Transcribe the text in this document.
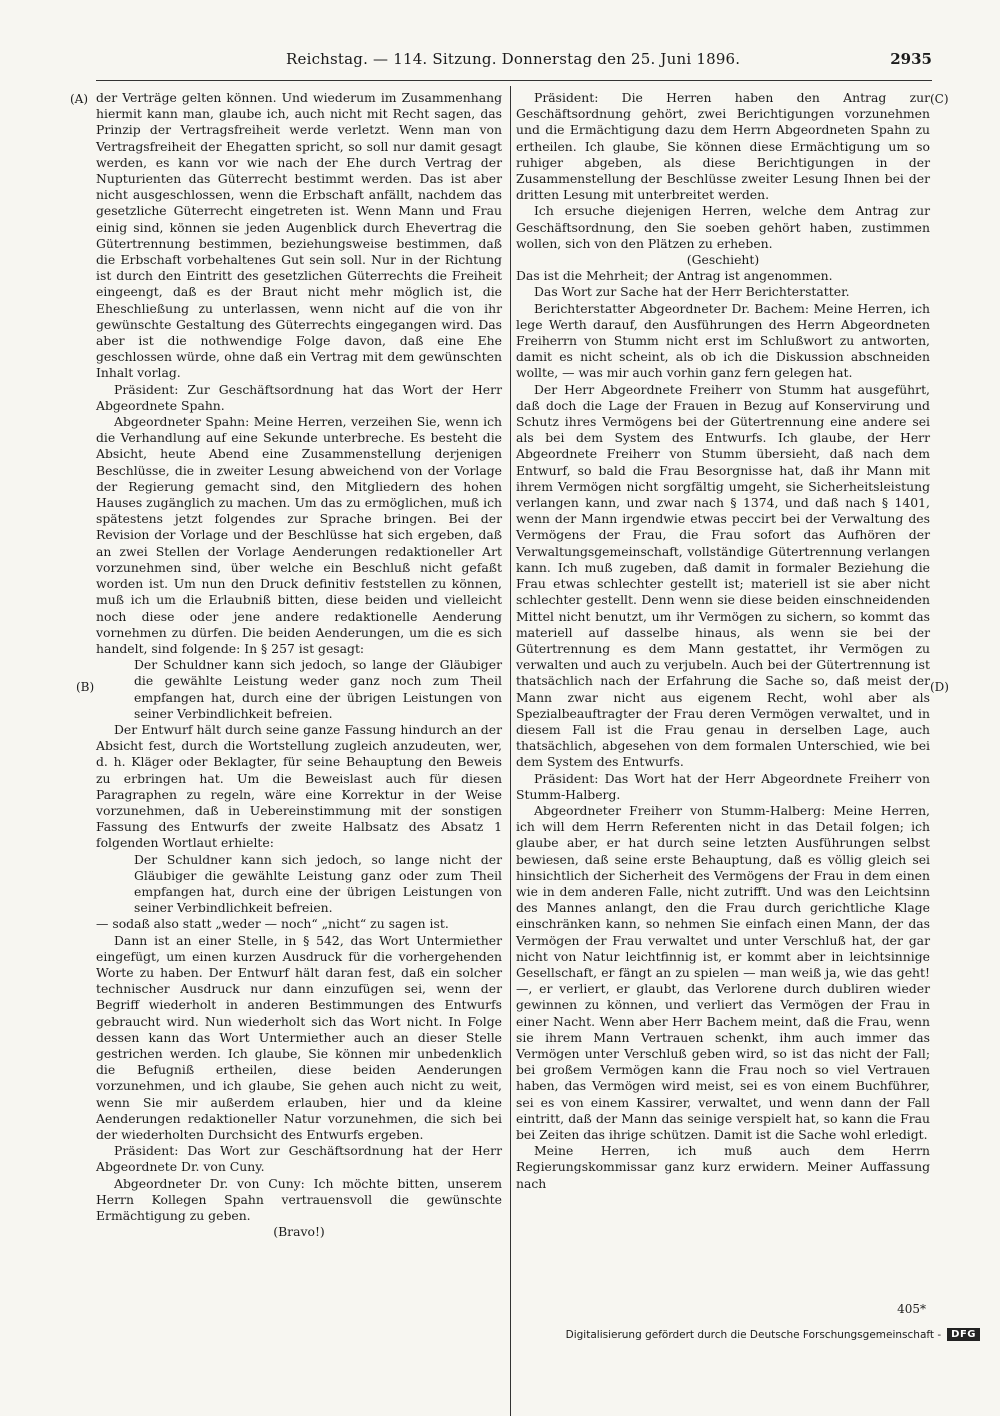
Reichstag. — 114. Sitzung. Donnerstag den 25. Juni 1896.	2935
(A)
(B)
(C)
(D)

der Verträge gelten können. Und wiederum im Zusammenhang hiermit kann man, glaube ich, auch nicht mit Recht sagen, das Prinzip der Vertragsfreiheit werde verletzt. Wenn man von Vertragsfreiheit der Ehegatten spricht, so soll nur damit gesagt werden, es kann vor wie nach der Ehe durch Vertrag der Nupturienten das Güterrecht bestimmt werden. Das ist aber nicht ausgeschlossen, wenn die Erbschaft anfällt, nachdem das gesetzliche Güterrecht eingetreten ist. Wenn Mann und Frau einig sind, können sie jeden Augenblick durch Ehevertrag die Gütertrennung bestimmen, beziehungsweise bestimmen, daß die Erbschaft vorbehaltenes Gut sein soll. Nur in der Richtung ist durch den Eintritt des gesetzlichen Güterrechts die Freiheit eingeengt, daß es der Braut nicht mehr möglich ist, die Eheschließung zu unterlassen, wenn nicht auf die von ihr gewünschte Gestaltung des Güterrechts eingegangen wird. Das aber ist die nothwendige Folge davon, daß eine Ehe geschlossen würde, ohne daß ein Vertrag mit dem gewünschten Inhalt vorlag.

Präsident: Zur Geschäftsordnung hat das Wort der Herr Abgeordnete Spahn.

Abgeordneter Spahn: Meine Herren, verzeihen Sie, wenn ich die Verhandlung auf eine Sekunde unterbreche. Es besteht die Absicht, heute Abend eine Zusammenstellung derjenigen Beschlüsse, die in zweiter Lesung abweichend von der Vorlage der Regierung gemacht sind, den Mitgliedern des hohen Hauses zugänglich zu machen. Um das zu ermöglichen, muß ich spätestens jetzt folgendes zur Sprache bringen. Bei der Revision der Vorlage und der Beschlüsse hat sich ergeben, daß an zwei Stellen der Vorlage Aenderungen redaktioneller Art vorzunehmen sind, über welche ein Beschluß nicht gefaßt worden ist. Um nun den Druck definitiv feststellen zu können, muß ich um die Erlaubniß bitten, diese beiden und vielleicht noch diese oder jene andere redaktionelle Aenderung vornehmen zu dürfen. Die beiden Aenderungen, um die es sich handelt, sind folgende: In § 257 ist gesagt:

Der Schuldner kann sich jedoch, so lange der Gläubiger die gewählte Leistung weder ganz noch zum Theil empfangen hat, durch eine der übrigen Leistungen von seiner Verbindlichkeit befreien.

Der Entwurf hält durch seine ganze Fassung hindurch an der Absicht fest, durch die Wortstellung zugleich anzudeuten, wer, d. h. Kläger oder Beklagter, für seine Behauptung den Beweis zu erbringen hat. Um die Beweislast auch für diesen Paragraphen zu regeln, wäre eine Korrektur in der Weise vorzunehmen, daß in Uebereinstimmung mit der sonstigen Fassung des Entwurfs der zweite Halbsatz des Absatz 1 folgenden Wortlaut erhielte:

Der Schuldner kann sich jedoch, so lange nicht der Gläubiger die gewählte Leistung ganz oder zum Theil empfangen hat, durch eine der übrigen Leistungen von seiner Verbindlichkeit befreien.

— sodaß also statt „weder — noch“ „nicht“ zu sagen ist.

Dann ist an einer Stelle, in § 542, das Wort Untermiether eingefügt, um einen kurzen Ausdruck für die vorhergehenden Worte zu haben. Der Entwurf hält daran fest, daß ein solcher technischer Ausdruck nur dann einzufügen sei, wenn der Begriff wiederholt in anderen Bestimmungen des Entwurfs gebraucht wird. Nun wiederholt sich das Wort nicht. In Folge dessen kann das Wort Untermiether auch an dieser Stelle gestrichen werden. Ich glaube, Sie können mir unbedenklich die Befugniß ertheilen, diese beiden Aenderungen vorzunehmen, und ich glaube, Sie gehen auch nicht zu weit, wenn Sie mir außerdem erlauben, hier und da kleine Aenderungen redaktioneller Natur vorzunehmen, die sich bei der wiederholten Durchsicht des Entwurfs ergeben.

Präsident: Das Wort zur Geschäftsordnung hat der Herr Abgeordnete Dr. von Cuny.

Abgeordneter Dr. von Cuny: Ich möchte bitten, unserem Herrn Kollegen Spahn vertrauensvoll die gewünschte Ermächtigung zu geben.

(Bravo!)

Präsident: Die Herren haben den Antrag zur Geschäftsordnung gehört, zwei Berichtigungen vorzunehmen und die Ermächtigung dazu dem Herrn Abgeordneten Spahn zu ertheilen. Ich glaube, Sie können diese Ermächtigung um so ruhiger abgeben, als diese Berichtigungen in der Zusammenstellung der Beschlüsse zweiter Lesung Ihnen bei der dritten Lesung mit unterbreitet werden.

Ich ersuche diejenigen Herren, welche dem Antrag zur Geschäftsordnung, den Sie soeben gehört haben, zustimmen wollen, sich von den Plätzen zu erheben.

(Geschieht)

Das ist die Mehrheit; der Antrag ist angenommen.

Das Wort zur Sache hat der Herr Berichterstatter.

Berichterstatter Abgeordneter Dr. Bachem: Meine Herren, ich lege Werth darauf, den Ausführungen des Herrn Abgeordneten Freiherrn von Stumm nicht erst im Schlußwort zu antworten, damit es nicht scheint, als ob ich die Diskussion abschneiden wollte, — was mir auch vorhin ganz fern gelegen hat.

Der Herr Abgeordnete Freiherr von Stumm hat ausgeführt, daß doch die Lage der Frauen in Bezug auf Konservirung und Schutz ihres Vermögens bei der Gütertrennung eine andere sei als bei dem System des Entwurfs. Ich glaube, der Herr Abgeordnete Freiherr von Stumm übersieht, daß nach dem Entwurf, so bald die Frau Besorgnisse hat, daß ihr Mann mit ihrem Vermögen nicht sorgfältig umgeht, sie Sicherheitsleistung verlangen kann, und zwar nach § 1374, und daß nach § 1401, wenn der Mann irgendwie etwas peccirt bei der Verwaltung des Vermögens der Frau, die Frau sofort das Aufhören der Verwaltungsgemeinschaft, vollständige Gütertrennung verlangen kann. Ich muß zugeben, daß damit in formaler Beziehung die Frau etwas schlechter gestellt ist; materiell ist sie aber nicht schlechter gestellt. Denn wenn sie diese beiden einschneidenden Mittel nicht benutzt, um ihr Vermögen zu sichern, so kommt das materiell auf dasselbe hinaus, als wenn sie bei der Gütertrennung es dem Mann gestattet, ihr Vermögen zu verwalten und auch zu verjubeln. Auch bei der Gütertrennung ist thatsächlich nach der Erfahrung die Sache so, daß meist der Mann zwar nicht aus eigenem Recht, wohl aber als Spezialbeauftragter der Frau deren Vermögen verwaltet, und in diesem Fall ist die Frau genau in derselben Lage, auch thatsächlich, abgesehen von dem formalen Unterschied, wie bei dem System des Entwurfs.

Präsident: Das Wort hat der Herr Abgeordnete Freiherr von Stumm-Halberg.

Abgeordneter Freiherr von Stumm-Halberg: Meine Herren, ich will dem Herrn Referenten nicht in das Detail folgen; ich glaube aber, er hat durch seine letzten Ausführungen selbst bewiesen, daß seine erste Behauptung, daß es völlig gleich sei hinsichtlich der Sicherheit des Vermögens der Frau in dem einen wie in dem anderen Falle, nicht zutrifft. Und was den Leichtsinn des Mannes anlangt, den die Frau durch gerichtliche Klage einschränken kann, so nehmen Sie einfach einen Mann, der das Vermögen der Frau verwaltet und unter Verschluß hat, der gar nicht von Natur leichtfinnig ist, er kommt aber in leichtsinnige Gesellschaft, er fängt an zu spielen — man weiß ja, wie das geht! —, er verliert, er glaubt, das Verlorene durch dubliren wieder gewinnen zu können, und verliert das Vermögen der Frau in einer Nacht. Wenn aber Herr Bachem meint, daß die Frau, wenn sie ihrem Mann Vertrauen schenkt, ihm auch immer das Vermögen unter Verschluß geben wird, so ist das nicht der Fall; bei großem Vermögen kann die Frau noch so viel Vertrauen haben, das Vermögen wird meist, sei es von einem Buchführer, sei es von einem Kassirer, verwaltet, und wenn dann der Fall eintritt, daß der Mann das seinige verspielt hat, so kann die Frau bei Zeiten das ihrige schützen. Damit ist die Sache wohl erledigt.

Meine Herren, ich muß auch dem Herrn Regierungskommissar ganz kurz erwidern. Meiner Auffassung nach

405*
Digitalisierung gefördert durch die Deutsche Forschungsgemeinschaft -	DFG
